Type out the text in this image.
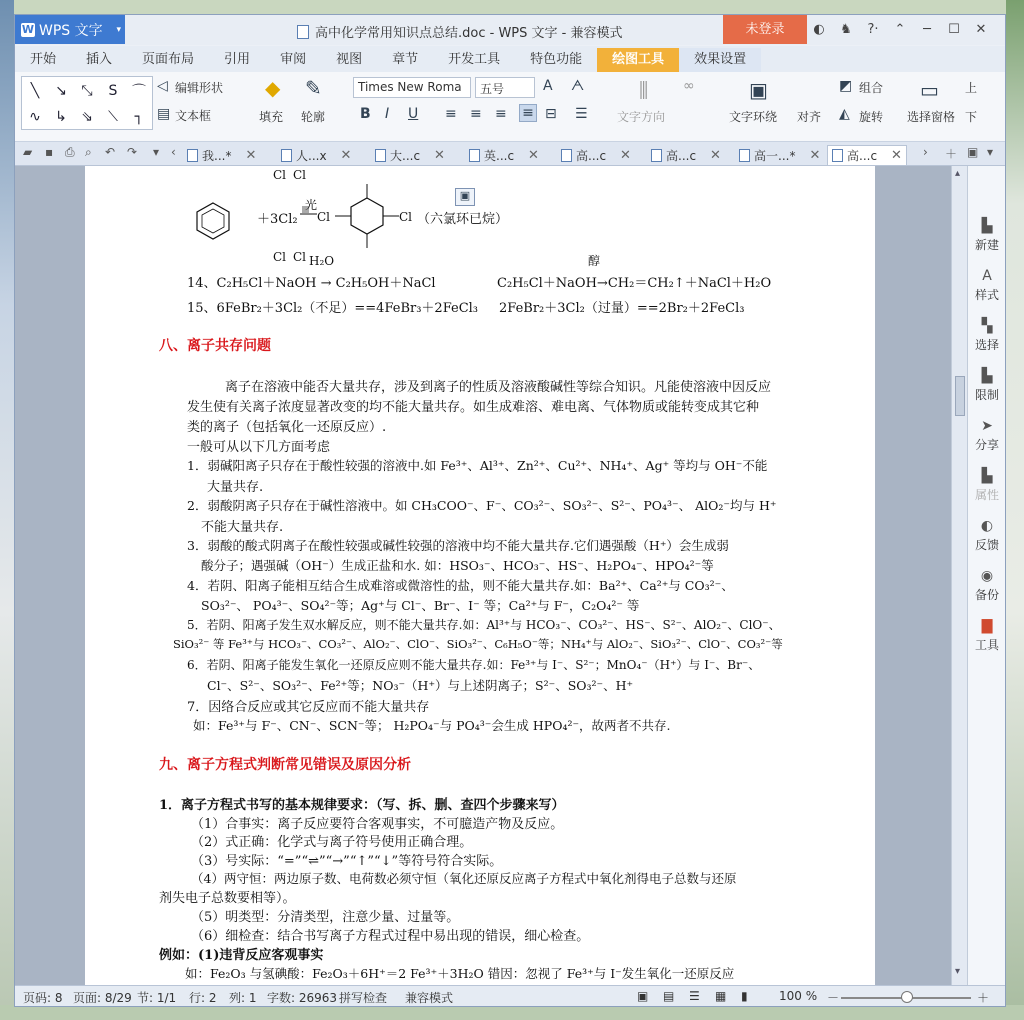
W WPS 文字 ▾	高中化学常用知识点总结.doc - WPS 文字 - 兼容模式	未登录	◐ ♞ ?· ⌃	─	☐ ✕
开始	插入	页面布局	引用	审阅	视图	章节	开发工具	特色功能	绘图工具	效果设置
╲	↘	⤡	S	⌒
∿	↳	⇘	⟍	┐
◁ 编辑形状
▤ 文本框
◆
填充
✎
轮廓
Times New Roma	五号	A ᗅ
B I U ≡ ≡ ≡ ≡ ⊟ ☰
⫼
文字方向
∞	▣
文字环绕 对齐
◩ 组合
◭ 旋转
▭
选择窗格
上
下
▰ ▪ ⎙ ⌕ ↶ ↷ ▾ ‹ 我...* ✕	人...x ✕	大...c ✕	英...c ✕	高...c ✕	高...c ✕	高一...* ✕ 高...c ✕ › ＋ ▣ ▾
Cl Cl
Cl	Cl
Cl Cl
＋3Cl₂
光
（六氯环已烷）
▣
H₂O	醇
14、C₂H₅Cl＋NaOH → C₂H₅OH＋NaCl	C₂H₅Cl＋NaOH→CH₂＝CH₂↑＋NaCl＋H₂O
15、6FeBr₂＋3Cl₂（不足）==4FeBr₃＋2FeCl₃ 2FeBr₂＋3Cl₂（过量）==2Br₂＋2FeCl₃
八、离子共存问题
离子在溶液中能否大量共存，涉及到离子的性质及溶液酸碱性等综合知识。凡能使溶液中因反应
发生使有关离子浓度显著改变的均不能大量共存。如生成难溶、难电离、气体物质或能转变成其它种
类的离子（包括氧化一还原反应）.
一般可从以下几方面考虑
1．弱碱阳离子只存在于酸性较强的溶液中.如 Fe³⁺、Al³⁺、Zn²⁺、Cu²⁺、NH₄⁺、Ag⁺ 等均与 OH⁻不能
大量共存.
2．弱酸阴离子只存在于碱性溶液中。如 CH₃COO⁻、F⁻、CO₃²⁻、SO₃²⁻、S²⁻、PO₄³⁻、 AlO₂⁻均与 H⁺
不能大量共存.
3．弱酸的酸式阴离子在酸性较强或碱性较强的溶液中均不能大量共存.它们遇强酸（H⁺）会生成弱
酸分子；遇强碱（OH⁻）生成正盐和水. 如：HSO₃⁻、HCO₃⁻、HS⁻、H₂PO₄⁻、HPO₄²⁻等
4．若阴、阳离子能相互结合生成难溶或微溶性的盐，则不能大量共存.如：Ba²⁺、Ca²⁺与 CO₃²⁻、
SO₃²⁻、 PO₄³⁻、SO₄²⁻等；Ag⁺与 Cl⁻、Br⁻、I⁻ 等；Ca²⁺与 F⁻，C₂O₄²⁻ 等
5．若阴、阳离子发生双水解反应，则不能大量共存.如：Al³⁺与 HCO₃⁻、CO₃²⁻、HS⁻、S²⁻、AlO₂⁻、ClO⁻、
SiO₃²⁻ 等 Fe³⁺与 HCO₃⁻、CO₃²⁻、AlO₂⁻、ClO⁻、SiO₃²⁻、C₆H₅O⁻等；NH₄⁺与 AlO₂⁻、SiO₃²⁻、ClO⁻、CO₃²⁻等
6．若阴、阳离子能发生氧化一还原反应则不能大量共存.如：Fe³⁺与 I⁻、S²⁻；MnO₄⁻（H⁺）与 I⁻、Br⁻、
Cl⁻、S²⁻、SO₃²⁻、Fe²⁺等；NO₃⁻（H⁺）与上述阴离子；S²⁻、SO₃²⁻、H⁺
7．因络合反应或其它反应而不能大量共存
如：Fe³⁺与 F⁻、CN⁻、SCN⁻等； H₂PO₄⁻与 PO₄³⁻会生成 HPO₄²⁻，故两者不共存.
九、离子方程式判断常见错误及原因分析
1．离子方程式书写的基本规律要求：（写、拆、删、查四个步骤来写）
（1）合事实：离子反应要符合客观事实，不可臆造产物及反应。
（2）式正确：化学式与离子符号使用正确合理。
（3）号实际：“=”“⇌”“→”“↑”“↓”等符号符合实际。
（4）两守恒：两边原子数、电荷数必须守恒（氧化还原反应离子方程式中氧化剂得电子总数与还原
剂失电子总数要相等）。
（5）明类型：分清类型，注意少量、过量等。
（6）细检查：结合书写离子方程式过程中易出现的错误，细心检查。
例如：(1)违背反应客观事实
如：Fe₂O₃ 与氢碘酸：Fe₂O₃＋6H⁺＝2 Fe³⁺＋3H₂O 错因：忽视了 Fe³⁺与 I⁻发生氧化一还原反应
▴
▾
▙
新建
A
样式
▚
选择
▙
限制
➤
分享
▙
属性
◐
反馈
◉
备份
▇
工具
页码: 8 页面: 8/29 节: 1/1 行: 2 列: 1 字数: 26963 拼写检查 兼容模式	▣ ▤ ☰ ▦ ▮	100 % －	＋
